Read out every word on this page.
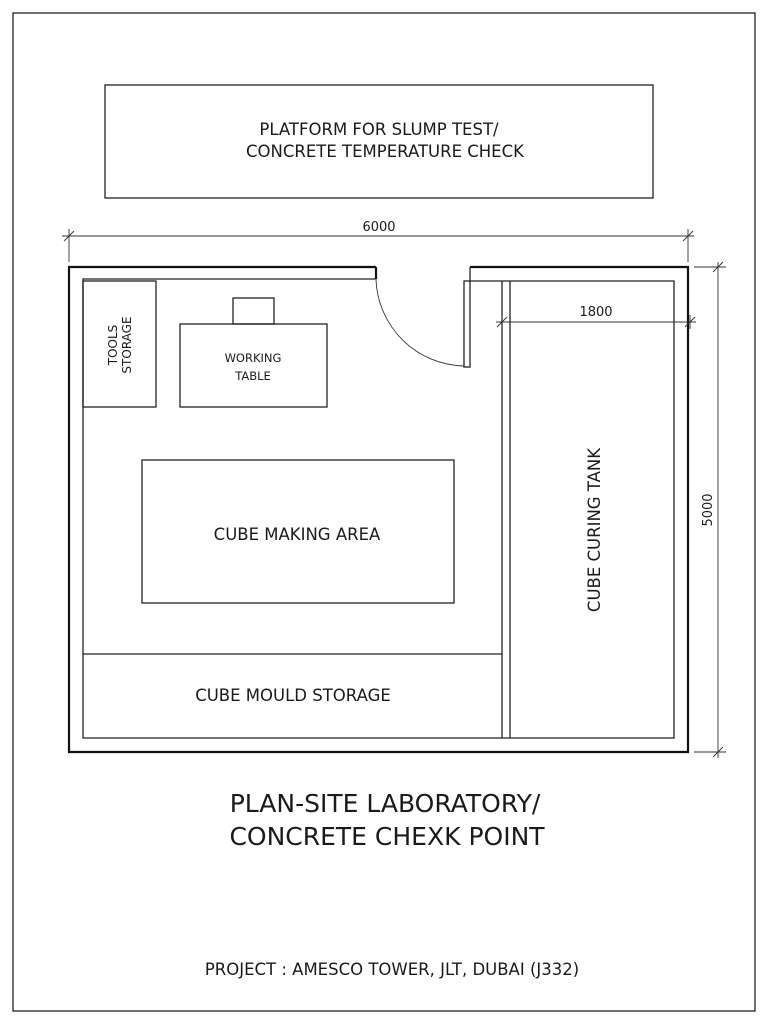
PLATFORM FOR SLUMP TEST/
CONCRETE TEMPERATURE CHECK
6000
CUBE CURING TANK
1800
5000
TOOLS STORAGE	WORKING
TABLE
CUBE MAKING AREA
CUBE MOULD STORAGE
PLAN-SITE LABORATORY/
CONCRETE CHEXK POINT
PROJECT : AMESCO TOWER, JLT, DUBAI (J332)
